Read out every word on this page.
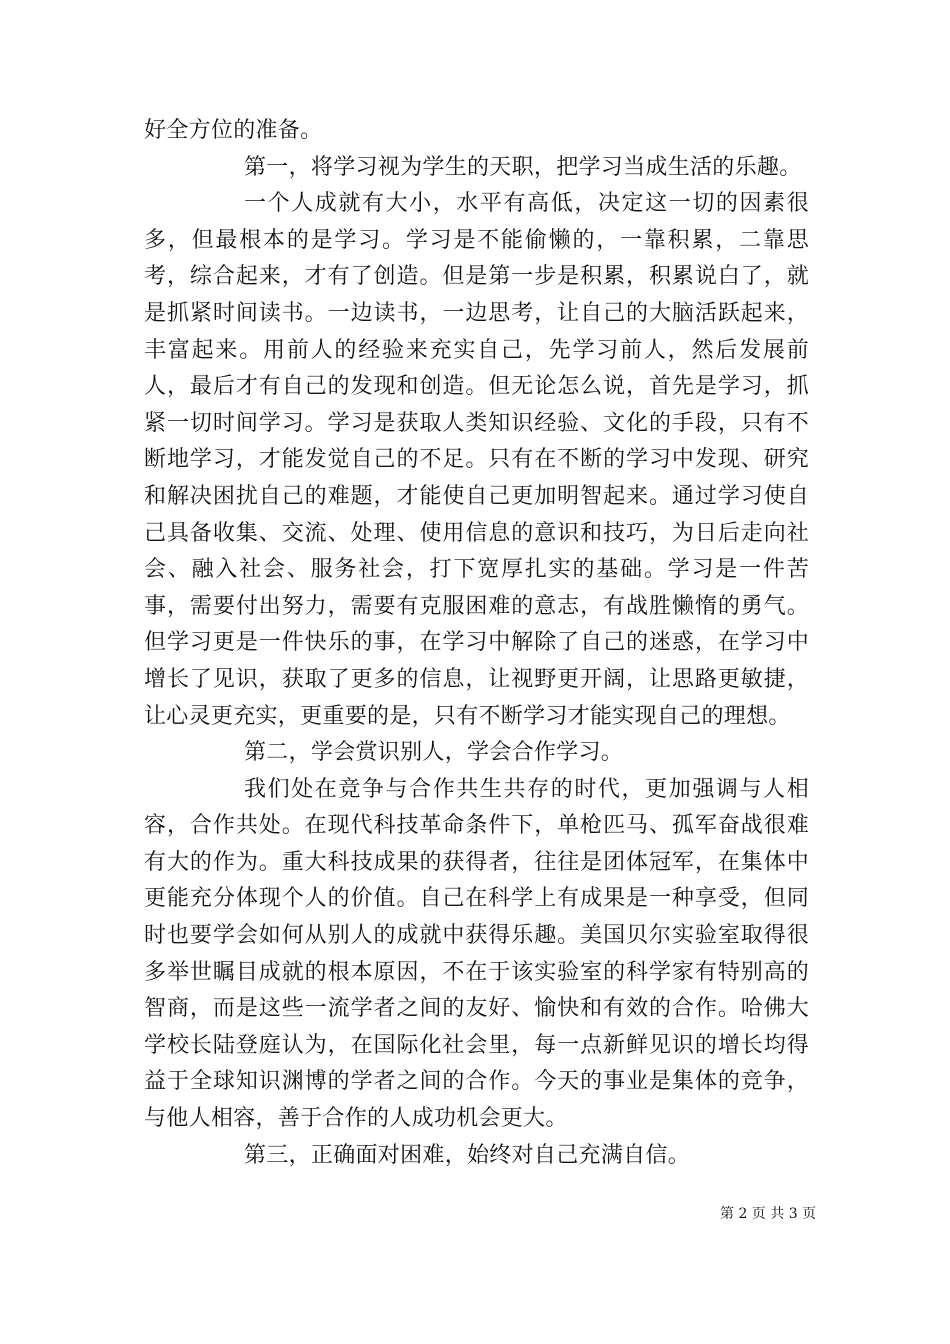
好全方位的准备。

第一，将学习视为学生的天职，把学习当成生活的乐趣。

一个人成就有大小，水平有高低，决定这一切的因素很多，但最根本的是学习。学习是不能偷懒的，一靠积累，二靠思考，综合起来，才有了创造。但是第一步是积累，积累说白了，就是抓紧时间读书。一边读书，一边思考，让自己的大脑活跃起来，丰富起来。用前人的经验来充实自己，先学习前人，然后发展前人，最后才有自己的发现和创造。但无论怎么说，首先是学习，抓紧一切时间学习。学习是获取人类知识经验、文化的手段，只有不断地学习，才能发觉自己的不足。只有在不断的学习中发现、研究和解决困扰自己的难题，才能使自己更加明智起来。通过学习使自己具备收集、交流、处理、使用信息的意识和技巧，为日后走向社会、融入社会、服务社会，打下宽厚扎实的基础。学习是一件苦事，需要付出努力，需要有克服困难的意志，有战胜懒惰的勇气。但学习更是一件快乐的事，在学习中解除了自己的迷惑，在学习中增长了见识，获取了更多的信息，让视野更开阔，让思路更敏捷，让心灵更充实，更重要的是，只有不断学习才能实现自己的理想。

第二，学会赏识别人，学会合作学习。

我们处在竞争与合作共生共存的时代，更加强调与人相容，合作共处。在现代科技革命条件下，单枪匹马、孤军奋战很难有大的作为。重大科技成果的获得者，往往是团体冠军，在集体中更能充分体现个人的价值。自己在科学上有成果是一种享受，但同时也要学会如何从别人的成就中获得乐趣。美国贝尔实验室取得很多举世瞩目成就的根本原因，不在于该实验室的科学家有特别高的智商，而是这些一流学者之间的友好、愉快和有效的合作。哈佛大学校长陆登庭认为，在国际化社会里，每一点新鲜见识的增长均得益于全球知识渊博的学者之间的合作。今天的事业是集体的竞争，与他人相容，善于合作的人成功机会更大。

第三，正确面对困难，始终对自己充满自信。

第 2 页 共 3 页
